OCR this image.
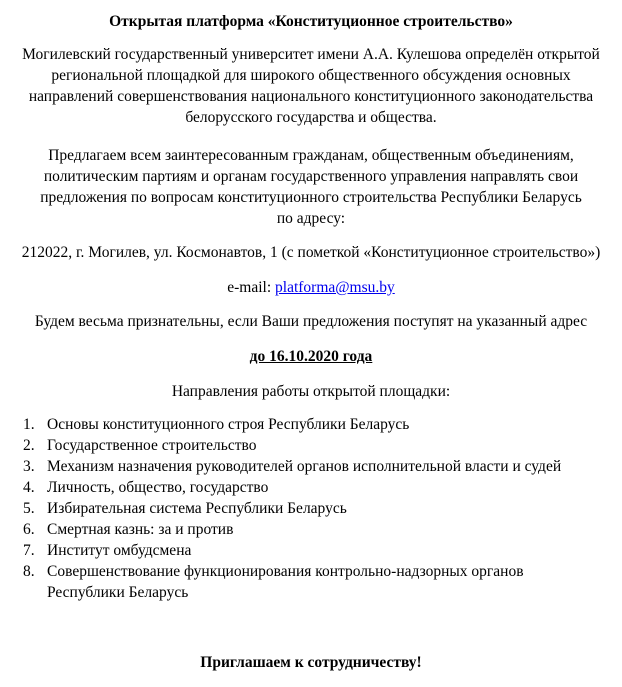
Открытая платформа «Конституционное строительство»
Могилевский государственный университет имени А.А. Кулешова определён открытой
региональной площадкой для широкого общественного обсуждения основных
направлений совершенствования национального конституционного законодательства
белорусского государства и общества.
Предлагаем всем заинтересованным гражданам, общественным объединениям,
политическим партиям и органам государственного управления направлять свои
предложения по вопросам конституционного строительства Республики Беларусь
по адресу:
212022, г. Могилев, ул. Космонавтов, 1 (с пометкой «Конституционное строительство»)
e-mail: platforma@msu.by
Будем весьма признательны, если Ваши предложения поступят на указанный адрес
до 16.10.2020 года
Направления работы открытой площадки:
1. Основы конституционного строя Республики Беларусь
2. Государственное строительство
3. Механизм назначения руководителей органов исполнительной власти и судей
4. Личность, общество, государство
5. Избирательная система Республики Беларусь
6. Смертная казнь: за и против
7. Институт омбудсмена
8. Совершенствование функционирования контрольно-надзорных органов
Республики Беларусь
Приглашаем к сотрудничеству!
